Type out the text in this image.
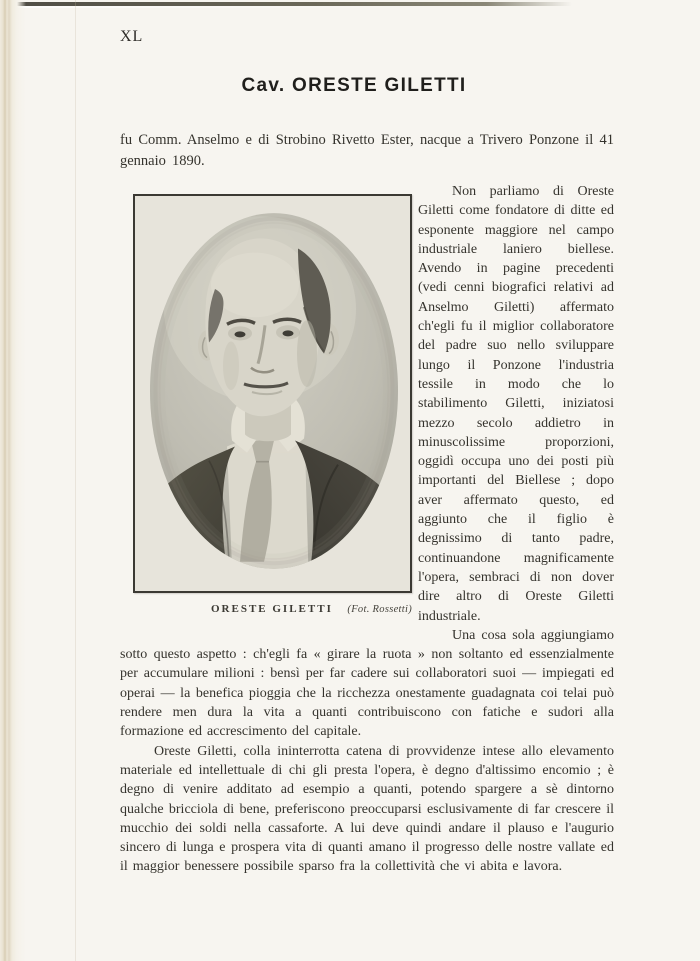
XL
Cav. ORESTE GILETTI

fu Comm. Anselmo e di Strobino Rivetto Ester, nacque a Trivero Ponzone il 41 gennaio 1890.

ORESTE GILETTI (Fot. Rossetti)

Non parliamo di Oreste Giletti come fondatore di ditte ed esponente maggiore nel campo industriale laniero biellese. Avendo in pagine precedenti (vedi cenni biografici relativi ad Anselmo Giletti) affermato ch'egli fu il miglior collaboratore del padre suo nello sviluppare lungo il Ponzone l'industria tessile in modo che lo stabilimento Giletti, iniziatosi mezzo secolo addietro in minuscolissime proporzioni, oggidì occupa uno dei posti più importanti del Biellese ; dopo aver affermato questo, ed aggiunto che il figlio è degnissimo di tanto padre, continuandone magnificamente l'opera, sembraci di non dover dire altro di Oreste Giletti industriale.

Una cosa sola aggiungiamo sotto questo aspetto : ch'egli fa « girare la ruota » non soltanto ed essenzialmente per accumulare milioni : bensì per far cadere sui collaboratori suoi — impiegati ed operai — la benefica pioggia che la ricchezza onestamente guadagnata coi telai può rendere men dura la vita a quanti contribuiscono con fatiche e sudori alla formazione ed accrescimento del capitale.

Oreste Giletti, colla ininterrotta catena di provvidenze intese allo elevamento materiale ed intellettuale di chi gli presta l'opera, è degno d'altissimo encomio ; è degno di venire additato ad esempio a quanti, potendo spargere a sè dintorno qualche bricciola di bene, preferiscono preoccuparsi esclusivamente di far crescere il mucchio dei soldi nella cassaforte. A lui deve quindi andare il plauso e l'augurio sincero di lunga e prospera vita di quanti amano il progresso delle nostre vallate ed il maggior benessere possibile sparso fra la collettività che vi abita e lavora.
